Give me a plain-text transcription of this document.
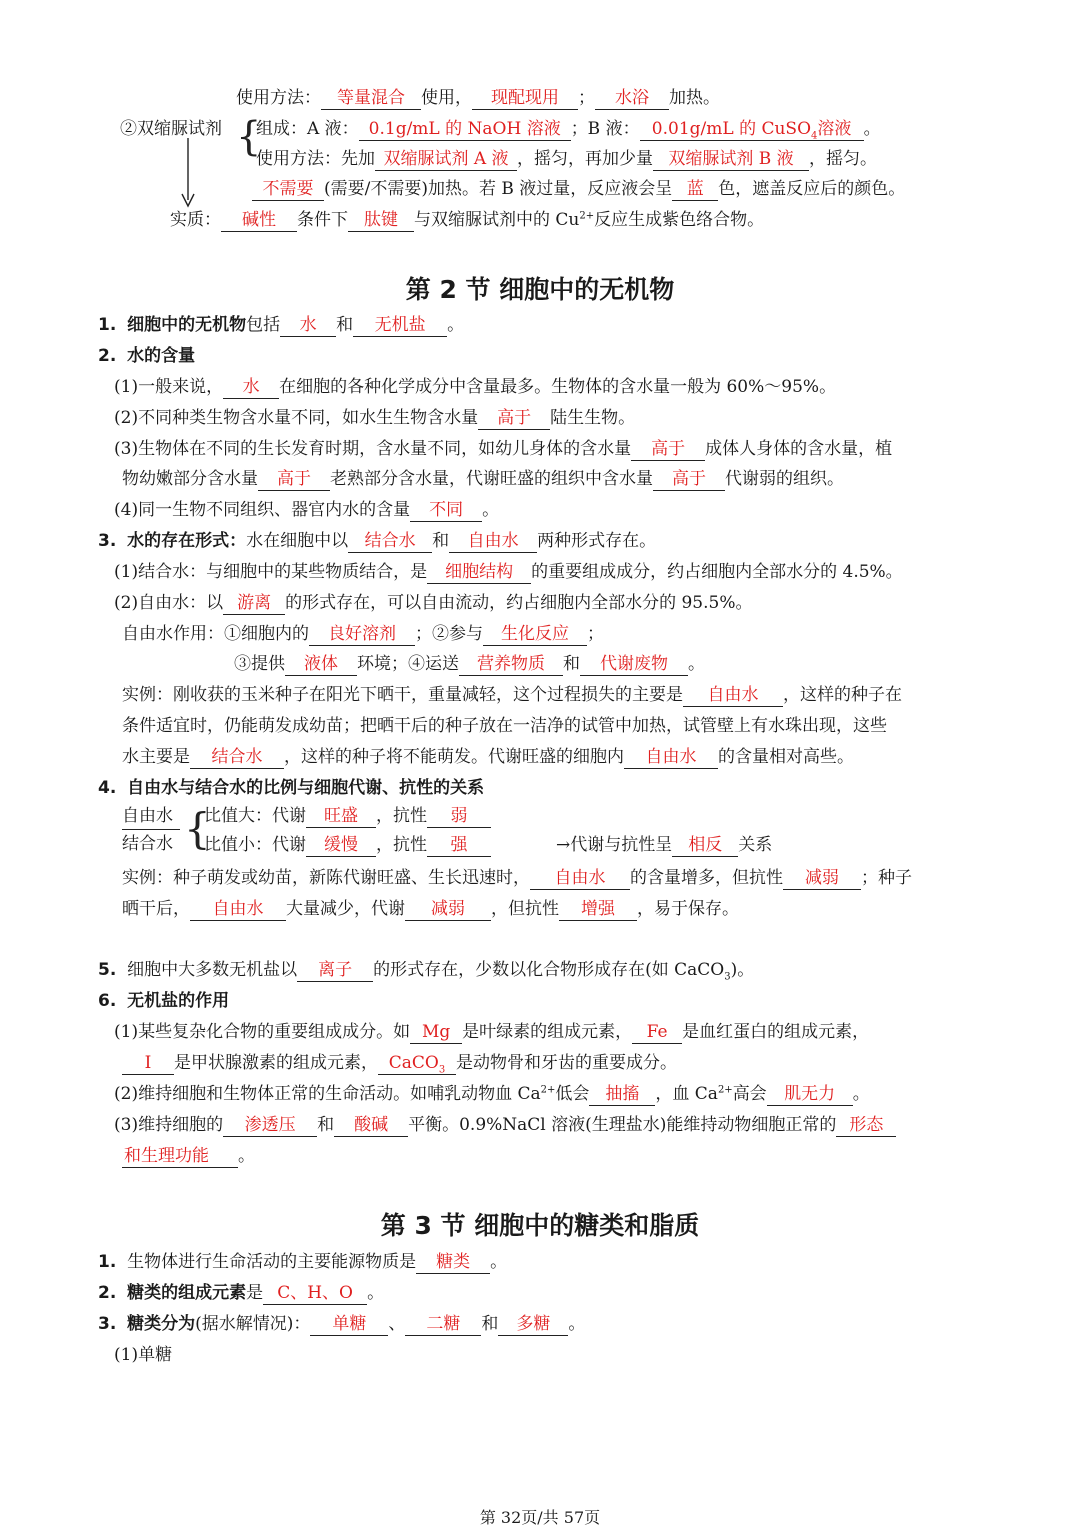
使用方法： 等量混合 使用， 现配现用 ； 水浴 加热。
②双缩脲试剂 {
组成：A 液： 0.1g/mL 的 NaOH 溶液 ；B 液： 0.01g/mL 的 CuSO$_4$溶液 。
使用方法：先加 双缩脲试剂 A 液 ，摇匀，再加少量 双缩脲试剂 B 液 ，摇匀。
不需要 (需要/不需要)加热。若 B 液过量，反应液会呈 蓝 色，遮盖反应后的颜色。
实质： 碱性 条件下 肽键 与双缩脲试剂中的 $Cu^{2+}$反应生成紫色络合物。
第 2 节 细胞中的无机物
1. 细胞中的无机物包括 水 和 无机盐 。
2. 水的含量
(1)一般来说， 水 在细胞的各种化学成分中含量最多。生物体的含水量一般为 60%～95%。
(2)不同种类生物含水量不同，如水生生物含水量 高于 陆生生物。
(3)生物体在不同的生长发育时期，含水量不同，如幼儿身体的含水量 高于 成体人身体的含水量，植
物幼嫩部分含水量 高于 老熟部分含水量，代谢旺盛的组织中含水量 高于 代谢弱的组织。
(4)同一生物不同组织、器官内水的含量 不同 。
3. 水的存在形式：水在细胞中以 结合水 和 自由水 两种形式存在。
(1)结合水：与细胞中的某些物质结合，是 细胞结构 的重要组成成分，约占细胞内全部水分的 4.5%。
(2)自由水：以 游离 的形式存在，可以自由流动，约占细胞内全部水分的 95.5%。
自由水作用：①细胞内的 良好溶剂 ；②参与 生化反应 ；
③提供 液体 环境；④运送 营养物质 和 代谢废物 。
实例：刚收获的玉米种子在阳光下晒干，重量减轻，这个过程损失的主要是 自由水 ，这样的种子在
条件适宜时，仍能萌发成幼苗；把晒干后的种子放在一洁净的试管中加热，试管壁上有水珠出现，这些
水主要是 结合水 ，这样的种子将不能萌发。代谢旺盛的细胞内 自由水 的含量相对高些。
4. 自由水与结合水的比例与细胞代谢、抗性的关系
自由水
结合水 {
比值大：代谢 旺盛 ，抗性 弱
比值小：代谢 缓慢 ，抗性 强	→代谢与抗性呈 相反 关系
实例：种子萌发或幼苗，新陈代谢旺盛、生长迅速时， 自由水 的含量增多，但抗性 减弱 ；种子
晒干后， 自由水 大量减少，代谢 减弱 ，但抗性 增强 ，易于保存。
5. 细胞中大多数无机盐以 离子 的形式存在，少数以化合物形成存在(如 CaCO$_3$)。
6. 无机盐的作用
(1)某些复杂化合物的重要组成成分。如 Mg 是叶绿素的组成元素， Fe 是血红蛋白的组成元素，
I 是甲状腺激素的组成元素， CaCO$_3$ 是动物骨和牙齿的重要成分。
(2)维持细胞和生物体正常的生命活动。如哺乳动物血 $Ca^{2+}$低会 抽搐 ，血 $Ca^{2+}$高会 肌无力 。
(3)维持细胞的 渗透压 和 酸碱 平衡。0.9%NaCl 溶液(生理盐水)能维持动物细胞正常的 形态
和生理功能 。
第 3 节 细胞中的糖类和脂质
1. 生物体进行生命活动的主要能源物质是 糖类 。
2. 糖类的组成元素是 C、H、O 。
3. 糖类分为(据水解情况)： 单糖 、 二糖 和 多糖 。
(1)单糖
第 32页/共 57页
